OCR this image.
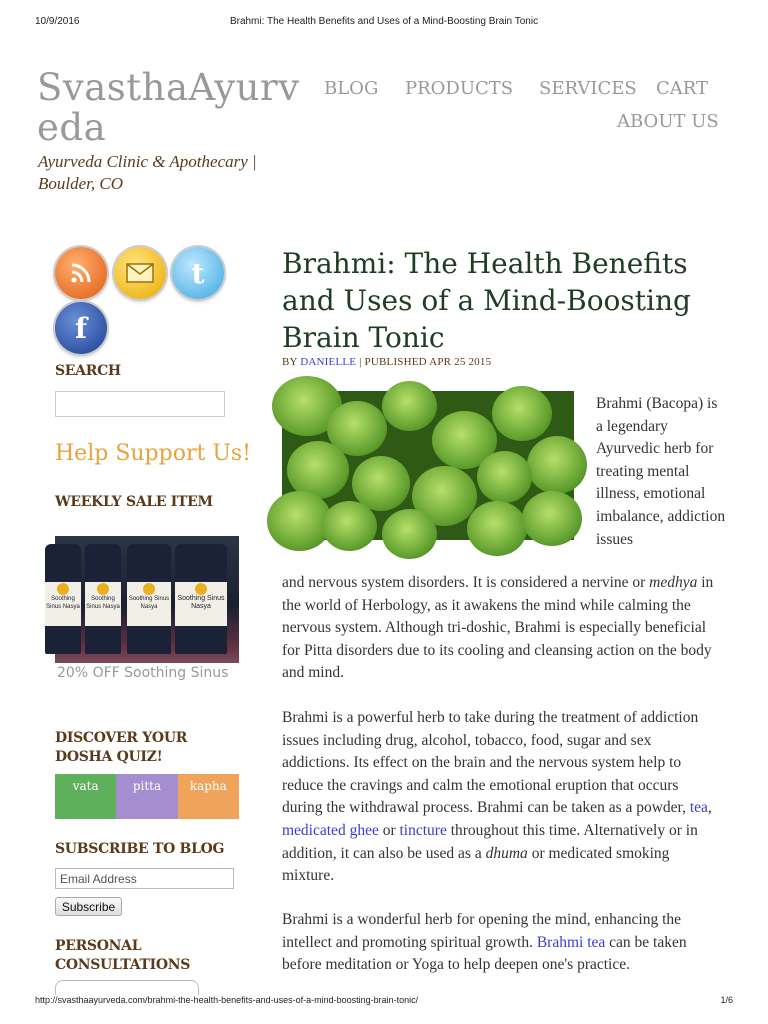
10/9/2016	Brahmi: The Health Benefits and Uses of a Mind-Boosting Brain Tonic
SvasthaAyurv
eda
Ayurveda Clinic & Apothecary | Boulder, CO
BLOG PRODUCTS SERVICES CART
ABOUT US
t
f
SEARCH
Help Support Us!
WEEKLY SALE ITEM
Soothing Sinus Nasya
Soothing Sinus Nasya
Soothing Sinus Nasya
Soothing Sinus Nasya
20% OFF Soothing Sinus
DISCOVER YOUR DOSHA QUIZ!
vata	pitta	kapha
SUBSCRIBE TO BLOG
Email Address
Subscribe
PERSONAL CONSULTATIONS
Brahmi: The Health Benefits and Uses of a Mind-Boosting Brain Tonic
BY DANIELLE | PUBLISHED APR 25 2015
Brahmi (Bacopa) is a legendary Ayurvedic herb for treating mental illness, emotional imbalance, addiction issues
and nervous system disorders. It is considered a nervine or medhya in the world of Herbology, as it awakens the mind while calming the nervous system. Although tri-doshic, Brahmi is especially beneficial for Pitta disorders due to its cooling and cleansing action on the body and mind.
Brahmi is a powerful herb to take during the treatment of addiction issues including drug, alcohol, tobacco, food, sugar and sex addictions. Its effect on the brain and the nervous system help to reduce the cravings and calm the emotional eruption that occurs during the withdrawal process. Brahmi can be taken as a powder, tea, medicated ghee or tincture throughout this time. Alternatively or in addition, it can also be used as a dhuma or medicated smoking mixture.
Brahmi is a wonderful herb for opening the mind, enhancing the intellect and promoting spiritual growth. Brahmi tea can be taken before meditation or Yoga to help deepen one's practice.
http://svasthaayurveda.com/brahmi-the-health-benefits-and-uses-of-a-mind-boosting-brain-tonic/	1/6
